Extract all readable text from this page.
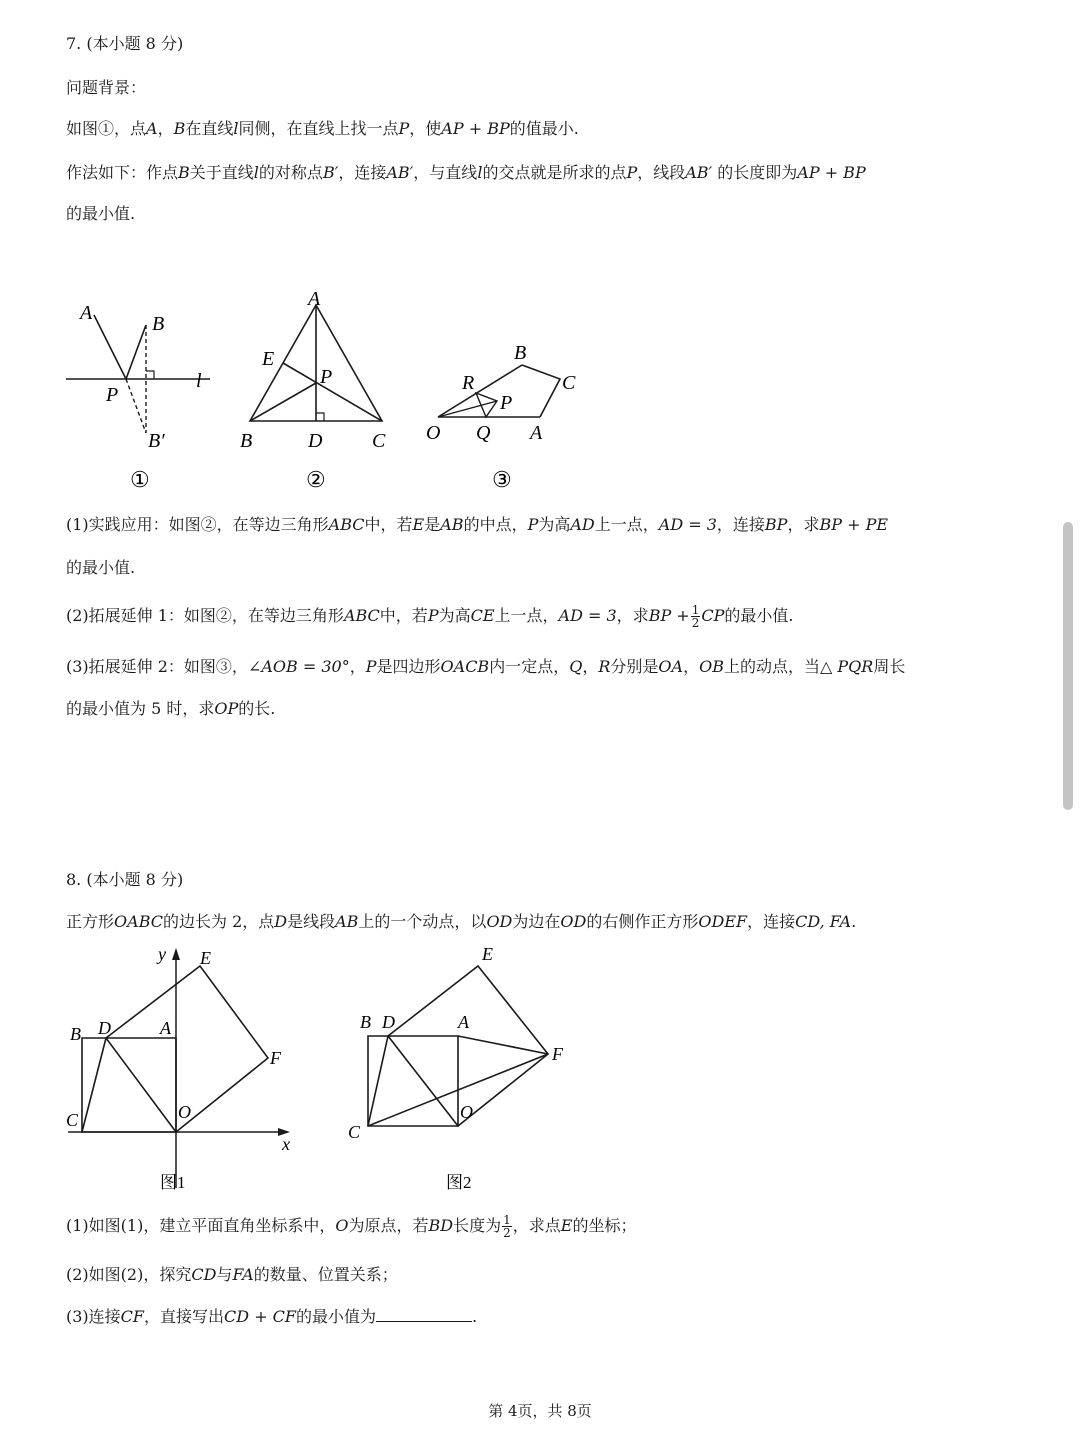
7. (本小题 8 分)
问题背景：
如图①，点A，B在直线l同侧，在直线上找一点P，使AP + BP的值最小.
作法如下：作点B关于直线l的对称点B′，连接AB′，与直线l的交点就是所求的点P，线段AB′ 的长度即为AP + BP
的最小值.
A	B
P
l
B′
①
A
E
P
B	D C
②
B
R	C
P
O Q A
③
(1)实践应用：如图②，在等边三角形ABC中，若E是AB的中点，P为高AD上一点，AD = 3，连接BP，求BP + PE
的最小值.
(2)拓展延伸 1：如图②，在等边三角形ABC中，若P为高CE上一点，AD = 3，求BP + $\frac{1}{2}$ CP的最小值.
(3)拓展延伸 2：如图③，∠AOB = 30°，P是四边形OACB内一定点，Q，R分别是OA，OB上的动点，当△ PQR周长
的最小值为 5 时，求OP的长.
8. (本小题 8 分)
正方形OABC的边长为 2，点D是线段AB上的一个动点，以OD为边在OD的右侧作正方形ODEF，连接CD, FA.
y E
B D	A
F
C	O
x
图1
E
B D	A
F
O
C
图2
(1)如图(1)，建立平面直角坐标系中，O为原点，若BD长度为 $\frac{1}{2}$ ，求点E的坐标；
(2)如图(2)，探究CD与FA的数量、位置关系；
(3)连接CF，直接写出CD + CF的最小值为	.
第 4页，共 8页
